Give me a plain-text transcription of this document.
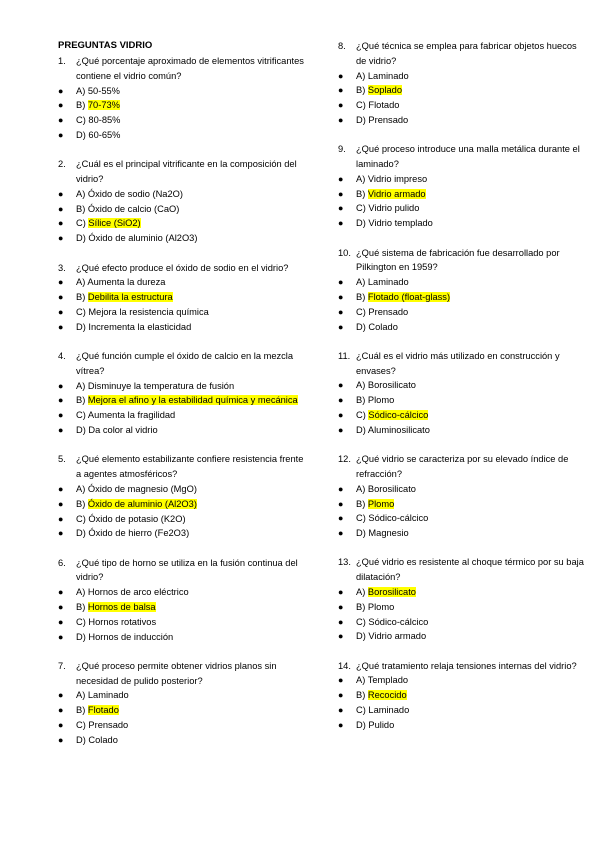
PREGUNTAS VIDRIO
1.	¿Qué porcentaje aproximado de elementos vitrificantes contiene el vidrio común?
●	A) 50-55%
●	B) 70-73%
●	C) 80-85%
●	D) 60-65%
2.	¿Cuál es el principal vitrificante en la composición del vidrio?
●	A) Óxido de sodio (Na2O)
●	B) Óxido de calcio (CaO)
●	C) Sílice (SiO2)
●	D) Óxido de aluminio (Al2O3)
3.	¿Qué efecto produce el óxido de sodio en el vidrio?
●	A) Aumenta la dureza
●	B) Debilita la estructura
●	C) Mejora la resistencia química
●	D) Incrementa la elasticidad
4.	¿Qué función cumple el óxido de calcio en la mezcla vítrea?
●	A) Disminuye la temperatura de fusión
●	B) Mejora el afino y la estabilidad química y mecánica
●	C) Aumenta la fragilidad
●	D) Da color al vidrio
5.	¿Qué elemento estabilizante confiere resistencia frente a agentes atmosféricos?
●	A) Óxido de magnesio (MgO)
●	B) Óxido de aluminio (Al2O3)
●	C) Óxido de potasio (K2O)
●	D) Óxido de hierro (Fe2O3)
6.	¿Qué tipo de horno se utiliza en la fusión continua del vidrio?
●	A) Hornos de arco eléctrico
●	B) Hornos de balsa
●	C) Hornos rotativos
●	D) Hornos de inducción
7.	¿Qué proceso permite obtener vidrios planos sin necesidad de pulido posterior?
●	A) Laminado
●	B) Flotado
●	C) Prensado
●	D) Colado
8.	¿Qué técnica se emplea para fabricar objetos huecos de vidrio?
●	A) Laminado
●	B) Soplado
●	C) Flotado
●	D) Prensado
9.	¿Qué proceso introduce una malla metálica durante el laminado?
●	A) Vidrio impreso
●	B) Vidrio armado
●	C) Vidrio pulido
●	D) Vidrio templado
10. ¿Qué sistema de fabricación fue desarrollado por Pilkington en 1959?
●	A) Laminado
●	B) Flotado (float-glass)
●	C) Prensado
●	D) Colado
11. ¿Cuál es el vidrio más utilizado en construcción y envases?
●	A) Borosilicato
●	B) Plomo
●	C) Sódico-cálcico
●	D) Aluminosilicato
12. ¿Qué vidrio se caracteriza por su elevado índice de refracción?
●	A) Borosilicato
●	B) Plomo
●	C) Sódico-cálcico
●	D) Magnesio
13. ¿Qué vidrio es resistente al choque térmico por su baja dilatación?
●	A) Borosilicato
●	B) Plomo
●	C) Sódico-cálcico
●	D) Vidrio armado
14. ¿Qué tratamiento relaja tensiones internas del vidrio?
●	A) Templado
●	B) Recocido
●	C) Laminado
●	D) Pulido
